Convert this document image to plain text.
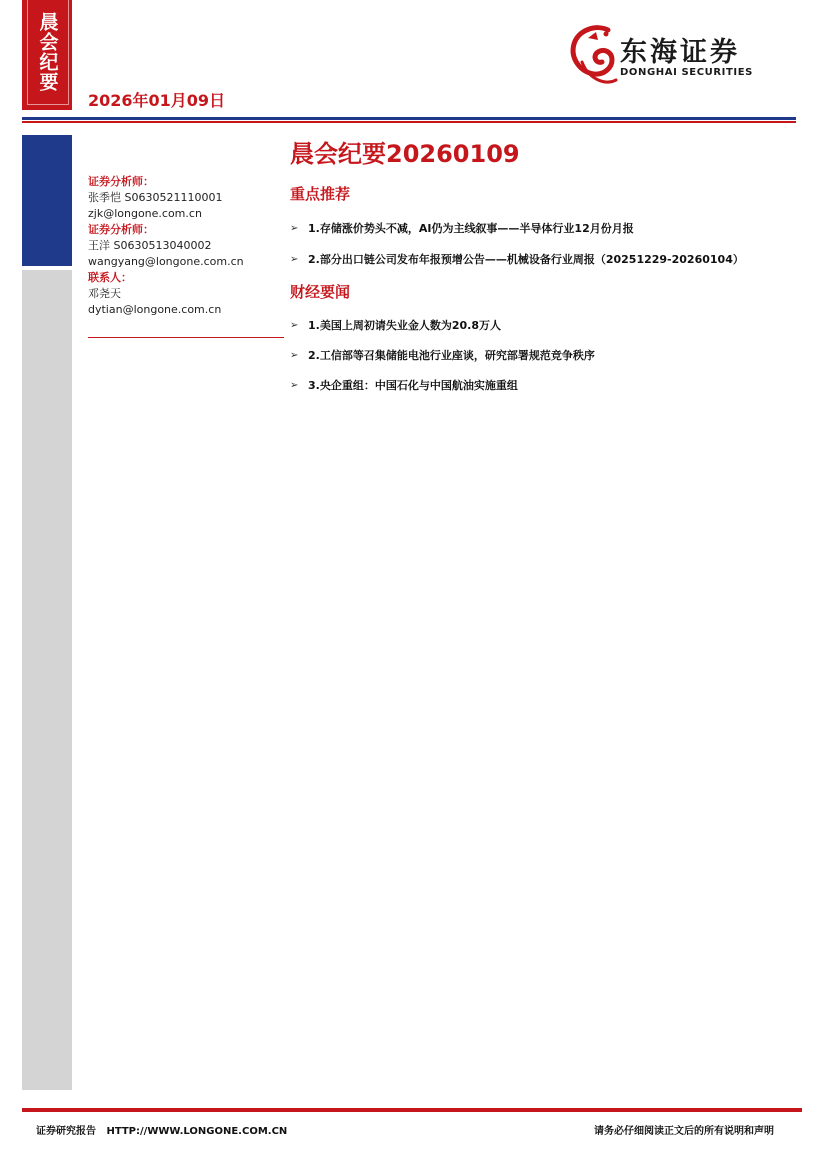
晨会纪要
2026年01月09日
东海证券
DONGHAI SECURITIES
证券分析师：
张季恺 S0630521110001
zjk@longone.com.cn
证券分析师：
王洋 S0630513040002
wangyang@longone.com.cn
联系人：
邓尧天
dytian@longone.com.cn
晨会纪要20260109
重点推荐
➢ 1.存储涨价势头不减，AI仍为主线叙事——半导体行业12月份月报
➢ 2.部分出口链公司发布年报预增公告——机械设备行业周报（20251229-20260104）
财经要闻
➢ 1.美国上周初请失业金人数为20.8万人
➢ 2.工信部等召集储能电池行业座谈，研究部署规范竞争秩序
➢ 3.央企重组：中国石化与中国航油实施重组
证券研究报告   HTTP://WWW.LONGONE.COM.CN	请务必仔细阅读正文后的所有说明和声明
